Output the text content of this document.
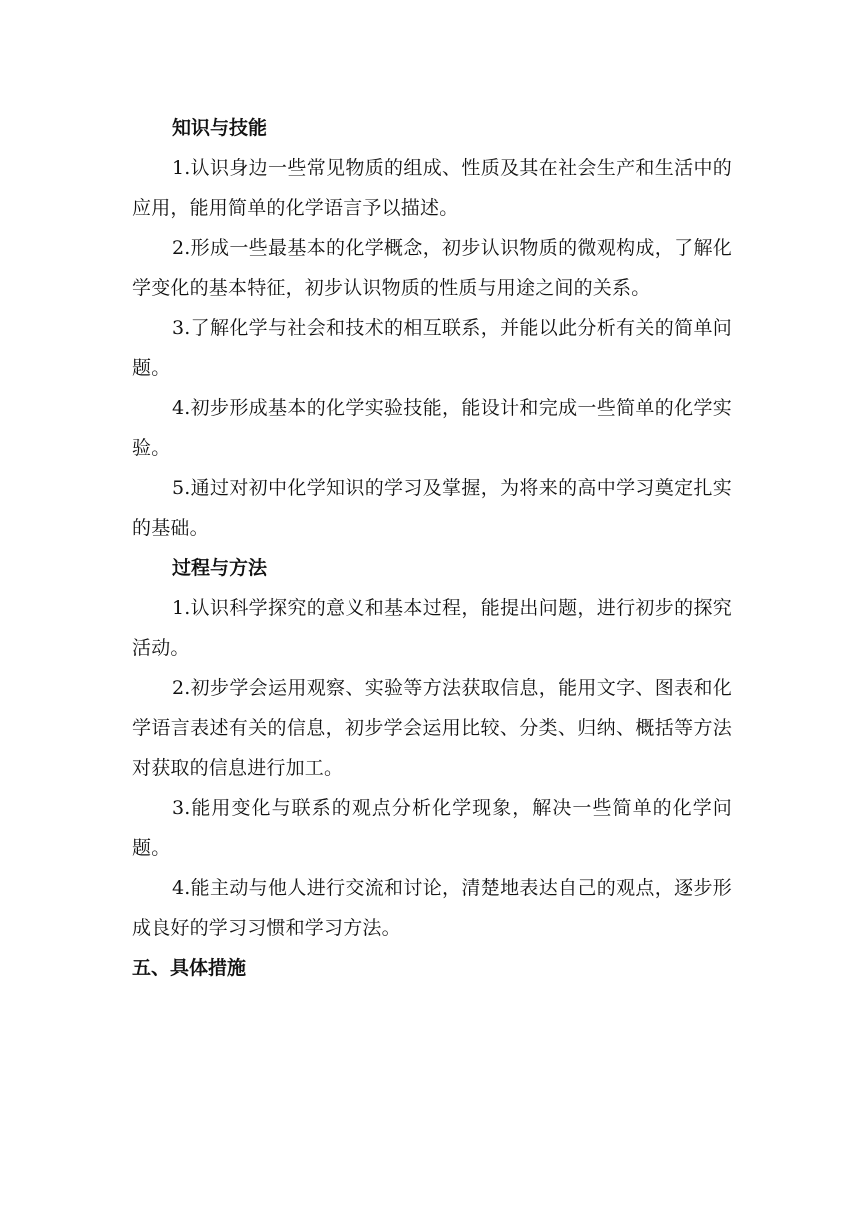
知识与技能

1.认识身边一些常见物质的组成、性质及其在社会生产和生活中的应用，能用简单的化学语言予以描述。

2.形成一些最基本的化学概念，初步认识物质的微观构成，了解化学变化的基本特征，初步认识物质的性质与用途之间的关系。

3.了解化学与社会和技术的相互联系，并能以此分析有关的简单问题。

4.初步形成基本的化学实验技能，能设计和完成一些简单的化学实验。

5.通过对初中化学知识的学习及掌握，为将来的高中学习奠定扎实的基础。

过程与方法

1.认识科学探究的意义和基本过程，能提出问题，进行初步的探究活动。

2.初步学会运用观察、实验等方法获取信息，能用文字、图表和化学语言表述有关的信息，初步学会运用比较、分类、归纳、概括等方法对获取的信息进行加工。

3.能用变化与联系的观点分析化学现象，解决一些简单的化学问题。

4.能主动与他人进行交流和讨论，清楚地表达自己的观点，逐步形成良好的学习习惯和学习方法。

五、具体措施
